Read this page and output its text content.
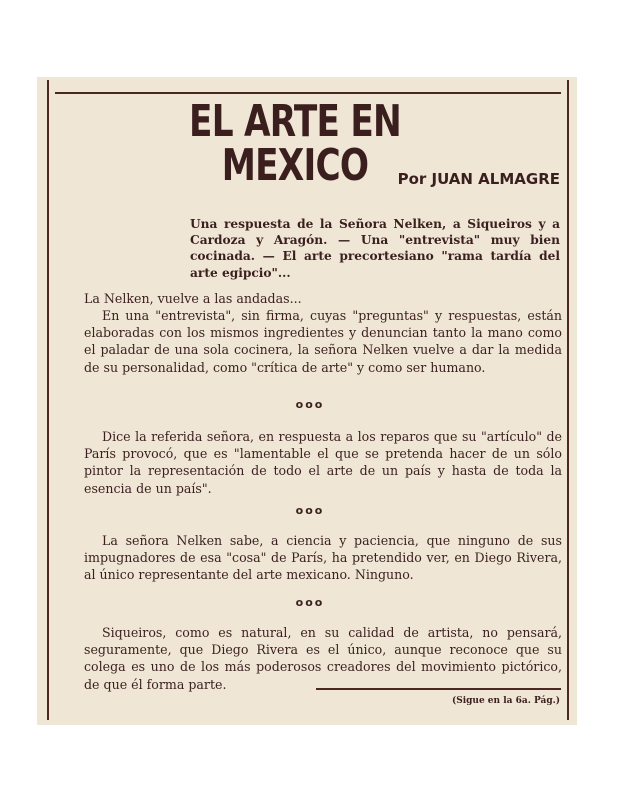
EL ARTE EN MEXICO	Por JUAN ALMAGRE

Una respuesta de la Señora Nelken, a Siqueiros y a Cardoza y Aragón. — Una "entrevista" muy bien cocinada. — El arte precortesiano "rama tardía del arte egipcio"...

La Nelken, vuelve a las andadas...

En una "entrevista", sin firma, cuyas "preguntas" y respuestas, están elaboradas con los mismos ingredientes y denuncian tanto la mano como el paladar de una sola cocinera, la señora Nelken vuelve a dar la medida de su personalidad, como "crítica de arte" y como ser humano.

ooo

Dice la referida señora, en respuesta a los reparos que su "artículo" de París provocó, que es "lamentable el que se pretenda hacer de un sólo pintor la representación de todo el arte de un país y hasta de toda la esencia de un país".

ooo

La señora Nelken sabe, a ciencia y paciencia, que ninguno de sus impugnadores de esa "cosa" de París, ha pretendido ver, en Diego Rivera, al único representante del arte mexicano. Ninguno.

ooo

Siqueiros, como es natural, en su calidad de artista, no pensará, seguramente, que Diego Rivera es el único, aunque reconoce que su colega es uno de los más poderosos creadores del movimiento pictórico, de que él forma parte.

(Sigue en la 6a. Pág.)
